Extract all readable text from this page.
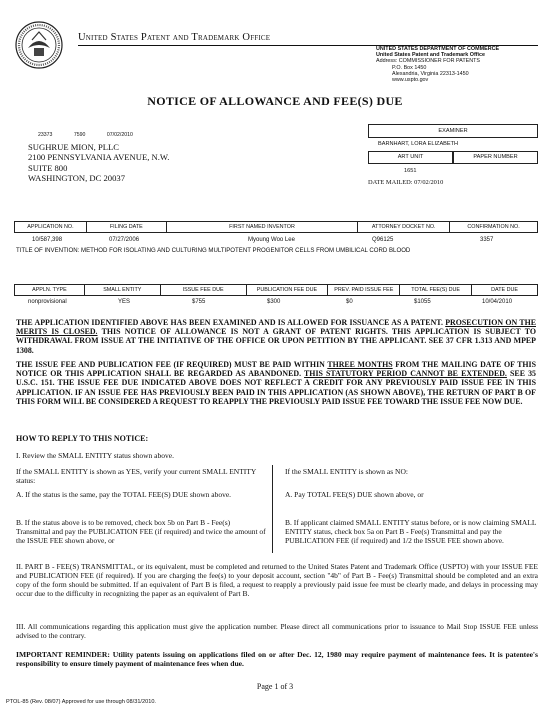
United States Patent and Trademark Office
UNITED STATES DEPARTMENT OF COMMERCE
United States Patent and Trademark Office
Address: COMMISSIONER FOR PATENTS
P.O. Box 1450
Alexandria, Virginia 22313-1450
www.uspto.gov
NOTICE OF ALLOWANCE AND FEE(S) DUE
23373	7590	07/02/2010
SUGHRUE MION, PLLC
2100 PENNSYLVANIA AVENUE, N.W.
SUITE 800
WASHINGTON, DC 20037
EXAMINER
BARNHART, LORA ELIZABETH
ART UNIT	PAPER NUMBER
1651
DATE MAILED: 07/02/2010
APPLICATION NO.	FILING DATE	FIRST NAMED INVENTOR	ATTORNEY DOCKET NO.	CONFIRMATION NO.
10/587,398	07/27/2006	Myoung Woo Lee	Q96125	3357
TITLE OF INVENTION: METHOD FOR ISOLATING AND CULTURING MULTIPOTENT PROGENITOR CELLS FROM UMBILICAL CORD BLOOD
APPLN. TYPE	SMALL ENTITY	ISSUE FEE DUE	PUBLICATION FEE DUE	PREV. PAID ISSUE FEE	TOTAL FEE(S) DUE	DATE DUE
nonprovisional	YES	$755	$300	$0	$1055	10/04/2010
THE APPLICATION IDENTIFIED ABOVE HAS BEEN EXAMINED AND IS ALLOWED FOR ISSUANCE AS A PATENT. PROSECUTION ON THE MERITS IS CLOSED. THIS NOTICE OF ALLOWANCE IS NOT A GRANT OF PATENT RIGHTS. THIS APPLICATION IS SUBJECT TO WITHDRAWAL FROM ISSUE AT THE INITIATIVE OF THE OFFICE OR UPON PETITION BY THE APPLICANT. SEE 37 CFR 1.313 AND MPEP 1308.
THE ISSUE FEE AND PUBLICATION FEE (IF REQUIRED) MUST BE PAID WITHIN THREE MONTHS FROM THE MAILING DATE OF THIS NOTICE OR THIS APPLICATION SHALL BE REGARDED AS ABANDONED. THIS STATUTORY PERIOD CANNOT BE EXTENDED. SEE 35 U.S.C. 151. THE ISSUE FEE DUE INDICATED ABOVE DOES NOT REFLECT A CREDIT FOR ANY PREVIOUSLY PAID ISSUE FEE IN THIS APPLICATION. IF AN ISSUE FEE HAS PREVIOUSLY BEEN PAID IN THIS APPLICATION (AS SHOWN ABOVE), THE RETURN OF PART B OF THIS FORM WILL BE CONSIDERED A REQUEST TO REAPPLY THE PREVIOUSLY PAID ISSUE FEE TOWARD THE ISSUE FEE NOW DUE.
HOW TO REPLY TO THIS NOTICE:
I. Review the SMALL ENTITY status shown above.
If the SMALL ENTITY is shown as YES, verify your current SMALL ENTITY status:
A. If the status is the same, pay the TOTAL FEE(S) DUE shown above.
B. If the status above is to be removed, check box 5b on Part B - Fee(s) Transmittal and pay the PUBLICATION FEE (if required) and twice the amount of the ISSUE FEE shown above, or
If the SMALL ENTITY is shown as NO:
A. Pay TOTAL FEE(S) DUE shown above, or
B. If applicant claimed SMALL ENTITY status before, or is now claiming SMALL ENTITY status, check box 5a on Part B - Fee(s) Transmittal and pay the PUBLICATION FEE (if required) and 1/2 the ISSUE FEE shown above.
II. PART B - FEE(S) TRANSMITTAL, or its equivalent, must be completed and returned to the United States Patent and Trademark Office (USPTO) with your ISSUE FEE and PUBLICATION FEE (if required). If you are charging the fee(s) to your deposit account, section "4b" of Part B - Fee(s) Transmittal should be completed and an extra copy of the form should be submitted. If an equivalent of Part B is filed, a request to reapply a previously paid issue fee must be clearly made, and delays in processing may occur due to the difficulty in recognizing the paper as an equivalent of Part B.
III. All communications regarding this application must give the application number. Please direct all communications prior to issuance to Mail Stop ISSUE FEE unless advised to the contrary.
IMPORTANT REMINDER: Utility patents issuing on applications filed on or after Dec. 12, 1980 may require payment of maintenance fees. It is patentee's responsibility to ensure timely payment of maintenance fees when due.
Page 1 of 3
PTOL-85 (Rev. 08/07) Approved for use through 08/31/2010.
